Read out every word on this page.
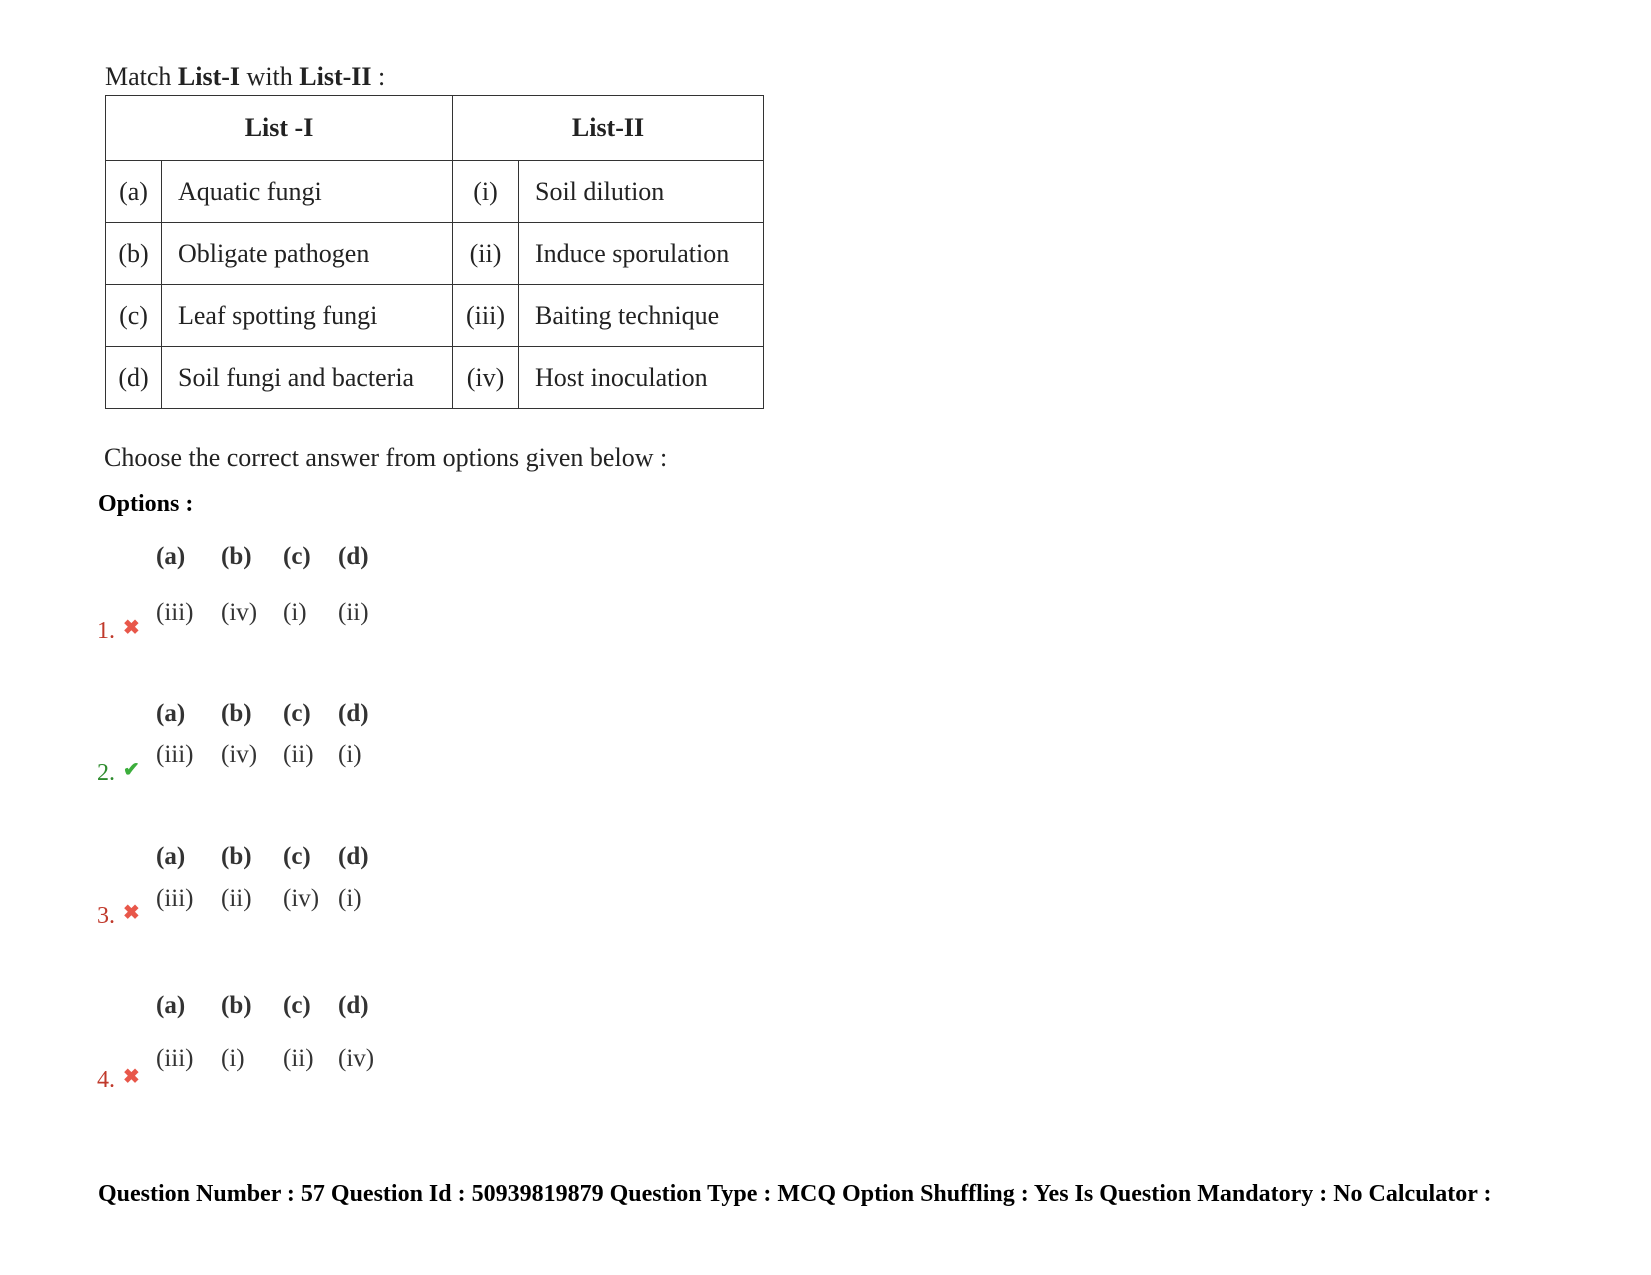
Match List-I with List-II :
List -I		List-II	
(a)	Aquatic fungi	(i)	Soil dilution
(b)	Obligate pathogen	(ii)	Induce sporulation
(c)	Leaf spotting fungi	(iii)	Baiting technique
(d)	Soil fungi and bacteria	(iv)	Host inoculation
Choose the correct answer from options given below :
Options :
(a)	(b)	(c)	(d)
(iii)	(iv)	(i)	(ii)
1. ✖
(a)	(b)	(c)	(d)
(iii)	(iv)	(ii) (i)
2. ✔
(a)	(b)	(c)	(d)
(iii)	(ii)	(iv) (i)
3. ✖
(a)	(b)	(c)	(d)
(iii)	(i)	(ii) (iv)
4. ✖
Question Number : 57 Question Id : 50939819879 Question Type : MCQ Option Shuffling : Yes Is Question Mandatory : No Calculator :
